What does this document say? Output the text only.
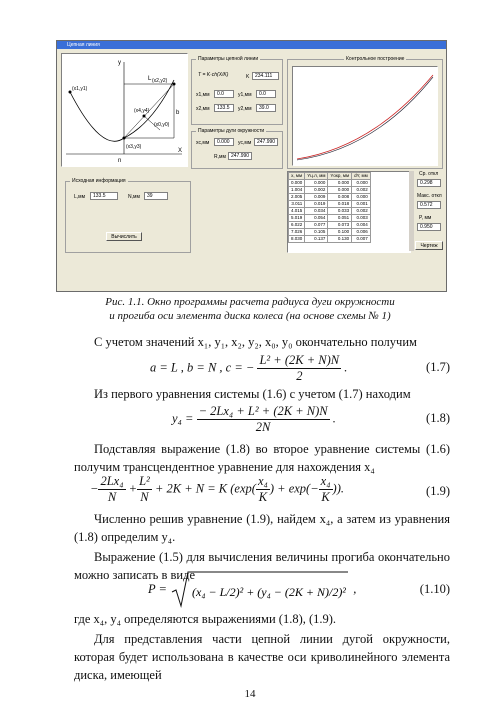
Цепная линия
y
X
L
b
n
(x1,y1)
(x2,y2)
(x3,y3)
(x4,y4)
(x0,y0)
Параметры цепной линии
T = K·ch(X/K)	K	234.111
x1,мм	0.0	y1,мм	0.0
x2,мм	133.5	y2,мм	39.0
Параметры дуги окружности
xc,мм	0.000	yc,мм	247.990
R,мм	247.990
Контрольное построение
Исходная информация
L,мм	133.5	N,мм	39
Вычислить
x, мм	Yц.л, мм	Yокр, мм	dY, мм
0.000	0.000	0.000	0.000
1.004	0.002	0.000	0.002
2.005	0.009	0.008	0.000
3.011	0.019	0.018	0.001
4.015	0.034	0.033	0.002
5.019	0.054	0.051	0.003
6.022	0.077	0.073	0.004
7.026	0.105	0.100	0.006
8.030	0.137	0.130	0.007
Ср. откл
0.298
Макс. откл
0.572
P, мм
0.950
Чертеж
Рис. 1.1. Окно программы расчета радиуса дуги окружности
и прогиба оси элемента диска колеса (на основе схемы № 1)
С учетом значений x₁, y₁, x₂, y₂, x₀, y₀ окончательно получим
a = L , b = N , c = − $\frac{\text{L² + (2K + N)N}}{2}$ .	(1.7)
Из первого уравнения системы (1.6) с учетом (1.7) находим
$y_4 = \frac{\text{− 2Lx₄ + L² + (2K + N)N}}{2N}$ .	(1.8)
Подставляя выражение (1.8) во второе уравнение системы (1.6) получим трансцендентное уравнение для нахождения x₄
− $\frac{\text{2Lx₄}}{N} + \frac{\text{L²}}{N} + 2K + N = K$ ($\exp( \frac{\text{x₄}}{K}$ ) + $\exp(- \frac{\text{x₄}}{K}$ )).	(1.9)
Численно решив уравнение (1.9), найдем x₄, а затем из уравнения (1.8) определим y₄.
Выражение (1.5) для вычисления величины прогиба окончательно можно записать в виде
P = (x₄ − L/2)² + (y₄ − (2K + N)/2)² ,	(1.10)
где x₄, y₄ определяются выражениями (1.8), (1.9).
Для представления части цепной линии дугой окружности, которая будет использована в качестве оси криволинейного элемента диска, имеющей
14
